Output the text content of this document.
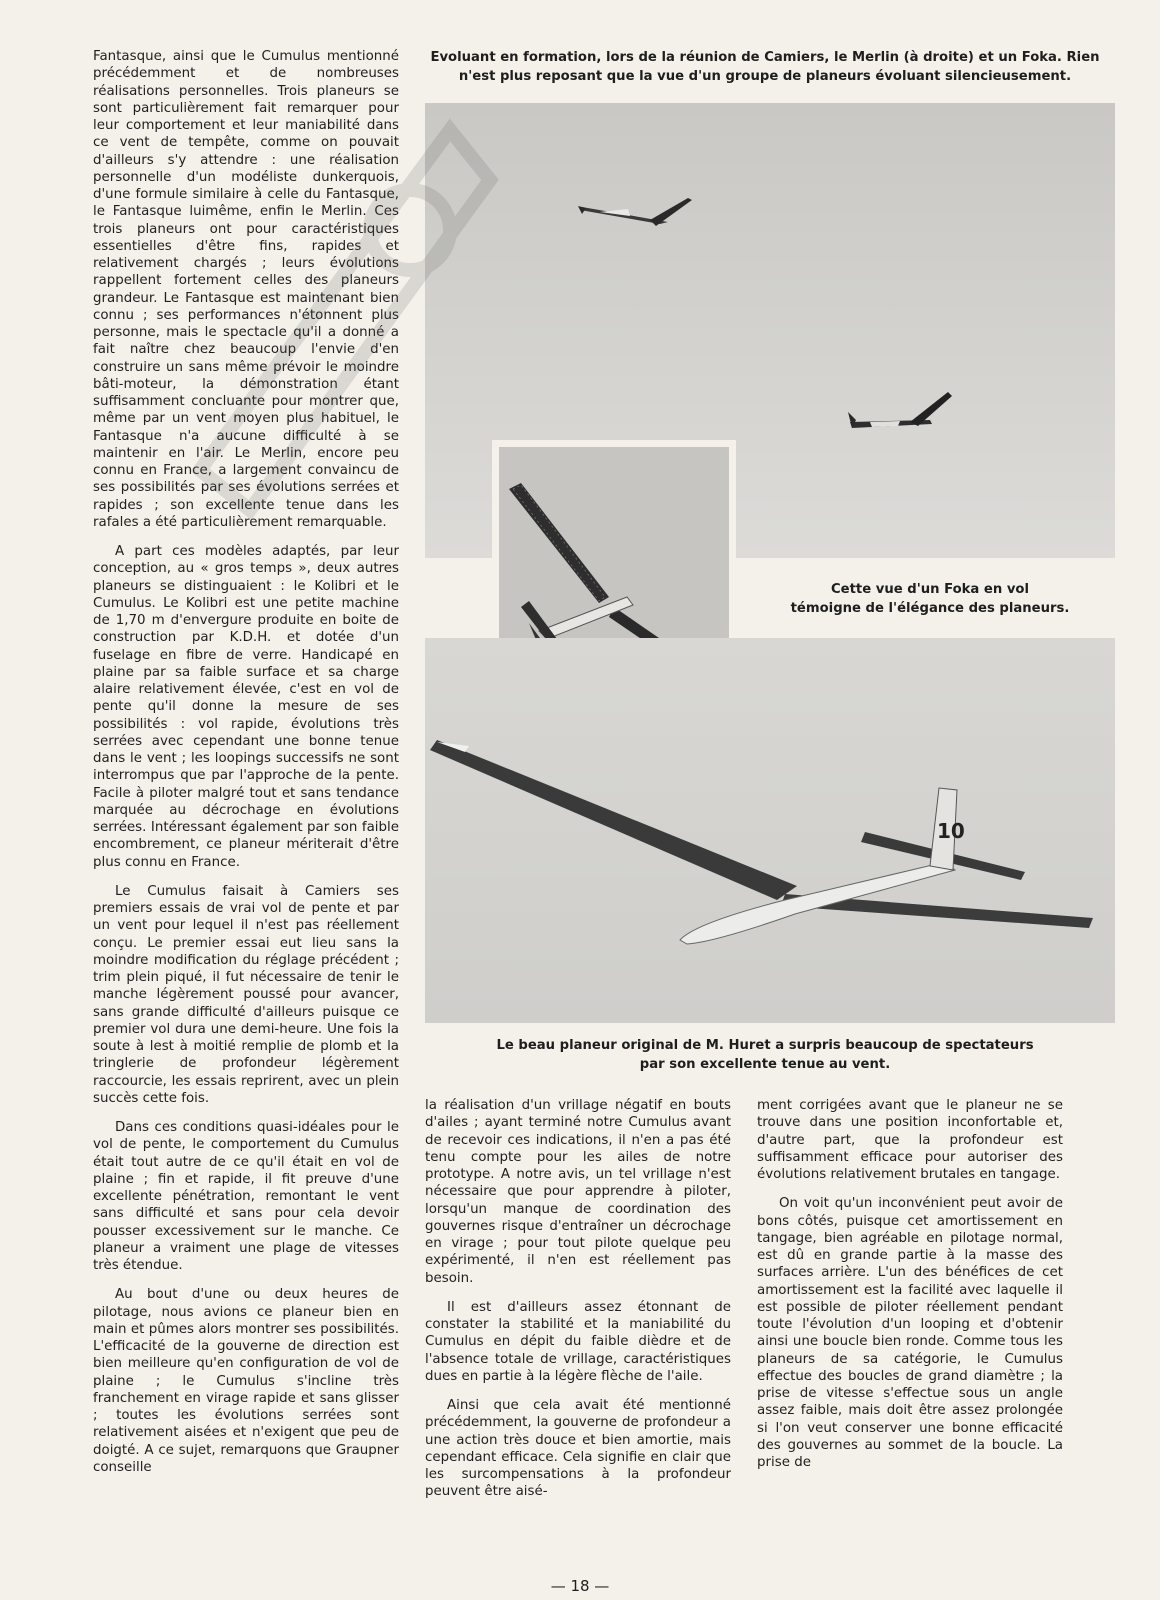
Fantasque, ainsi que le Cumulus mentionné précédemment et de nombreuses réalisations personnelles. Trois planeurs se sont particulièrement fait remarquer pour leur comportement et leur maniabilité dans ce vent de tempête, comme on pouvait d'ailleurs s'y attendre : une réalisation personnelle d'un modéliste dunkerquois, d'une formule similaire à celle du Fantasque, le Fantasque luimême, enfin le Merlin. Ces trois planeurs ont pour caractéristiques essentielles d'être fins, rapides et relativement chargés ; leurs évolutions rappellent fortement celles des planeurs grandeur. Le Fantasque est maintenant bien connu ; ses performances n'étonnent plus personne, mais le spectacle qu'il a donné a fait naître chez beaucoup l'envie d'en construire un sans même prévoir le moindre bâti-moteur, la démonstration étant suffisamment concluante pour montrer que, même par un vent moyen plus habituel, le Fantasque n'a aucune difficulté à se maintenir en l'air. Le Merlin, encore peu connu en France, a largement convaincu de ses possibilités par ses évolutions serrées et rapides ; son excellente tenue dans les rafales a été particulièrement remarquable.

A part ces modèles adaptés, par leur conception, au « gros temps », deux autres planeurs se distinguaient : le Kolibri et le Cumulus. Le Kolibri est une petite machine de 1,70 m d'envergure produite en boite de construction par K.D.H. et dotée d'un fuselage en fibre de verre. Handicapé en plaine par sa faible surface et sa charge alaire relativement élevée, c'est en vol de pente qu'il donne la mesure de ses possibilités : vol rapide, évolutions très serrées avec cependant une bonne tenue dans le vent ; les loopings successifs ne sont interrompus que par l'approche de la pente. Facile à piloter malgré tout et sans tendance marquée au décrochage en évolutions serrées. Intéressant également par son faible encombrement, ce planeur mériterait d'être plus connu en France.

Le Cumulus faisait à Camiers ses premiers essais de vrai vol de pente et par un vent pour lequel il n'est pas réellement conçu. Le premier essai eut lieu sans la moindre modification du réglage précédent ; trim plein piqué, il fut nécessaire de tenir le manche légèrement poussé pour avancer, sans grande difficulté d'ailleurs puisque ce premier vol dura une demi-heure. Une fois la soute à lest à moitié remplie de plomb et la tringlerie de profondeur légèrement raccourcie, les essais reprirent, avec un plein succès cette fois.

Dans ces conditions quasi-idéales pour le vol de pente, le comportement du Cumulus était tout autre de ce qu'il était en vol de plaine ; fin et rapide, il fit preuve d'une excellente pénétration, remontant le vent sans difficulté et sans pour cela devoir pousser excessivement sur le manche. Ce planeur a vraiment une plage de vitesses très étendue.

Au bout d'une ou deux heures de pilotage, nous avions ce planeur bien en main et pûmes alors montrer ses possibilités. L'efficacité de la gouverne de direction est bien meilleure qu'en configuration de vol de plaine ; le Cumulus s'incline très franchement en virage rapide et sans glisser ; toutes les évolutions serrées sont relativement aisées et n'exigent que peu de doigté. A ce sujet, remarquons que Graupner conseille

Evoluant en formation, lors de la réunion de Camiers, le Merlin (à droite) et un Foka. Rien n'est plus reposant que la vue d'un groupe de planeurs évoluant silencieusement.
Cette vue d'un Foka en vol
témoigne de l'élégance des planeurs.
10
Le beau planeur original de M. Huret a surpris beaucoup de spectateurs
par son excellente tenue au vent.

la réalisation d'un vrillage négatif en bouts d'ailes ; ayant terminé notre Cumulus avant de recevoir ces indications, il n'en a pas été tenu compte pour les ailes de notre prototype. A notre avis, un tel vrillage n'est nécessaire que pour apprendre à piloter, lorsqu'un manque de coordination des gouvernes risque d'entraîner un décrochage en virage ; pour tout pilote quelque peu expérimenté, il n'en est réellement pas besoin.

Il est d'ailleurs assez étonnant de constater la stabilité et la maniabilité du Cumulus en dépit du faible dièdre et de l'absence totale de vrillage, caractéristiques dues en partie à la légère flèche de l'aile.

Ainsi que cela avait été mentionné précédemment, la gouverne de profondeur a une action très douce et bien amortie, mais cependant efficace. Cela signifie en clair que les surcompensations à la profondeur peuvent être aisé-

ment corrigées avant que le planeur ne se trouve dans une position inconfortable et, d'autre part, que la profondeur est suffisamment efficace pour autoriser des évolutions relativement brutales en tangage.

On voit qu'un inconvénient peut avoir de bons côtés, puisque cet amortissement en tangage, bien agréable en pilotage normal, est dû en grande partie à la masse des surfaces arrière. L'un des bénéfices de cet amortissement est la facilité avec laquelle il est possible de piloter réellement pendant toute l'évolution d'un looping et d'obtenir ainsi une boucle bien ronde. Comme tous les planeurs de sa catégorie, le Cumulus effectue des boucles de grand diamètre ; la prise de vitesse s'effectue sous un angle assez faible, mais doit être assez prolongée si l'on veut conserver une bonne efficacité des gouvernes au sommet de la boucle. La prise de

— 18 —
